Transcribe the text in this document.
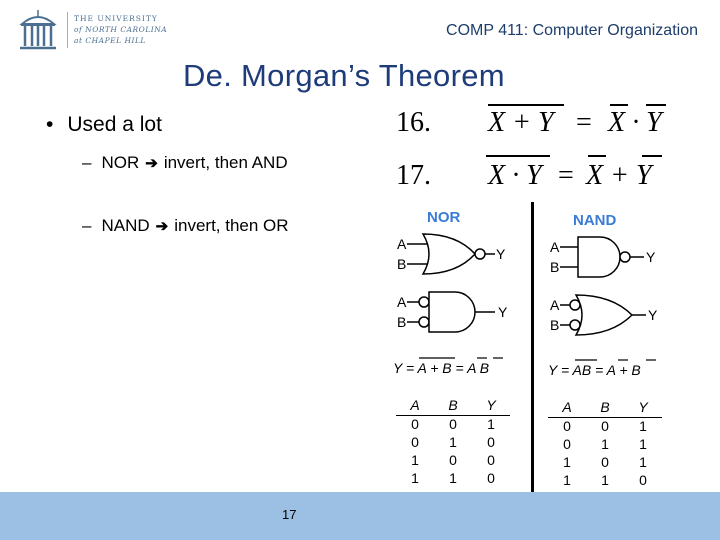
THE UNIVERSITY
of NORTH CAROLINA
at CHAPEL HILL
COMP 411: Computer Organization
De. Morgan’s Theorem
• Used a lot
– NOR ➔ invert, then AND
– NAND ➔ invert, then OR
16. X + Y = X · Y
17. X · Y = X + Y
NOR	NAND
A
B
Y
A
B
Y
A
B
Y
A
B
Y
Y = A + B = A B	Y = AB = A + B
A	B	Y
0	0	1
0	1	0
1	0	0
1	1	0
A	B	Y
0	0	1
0	1	1
1	0	1
1	1	0
17
